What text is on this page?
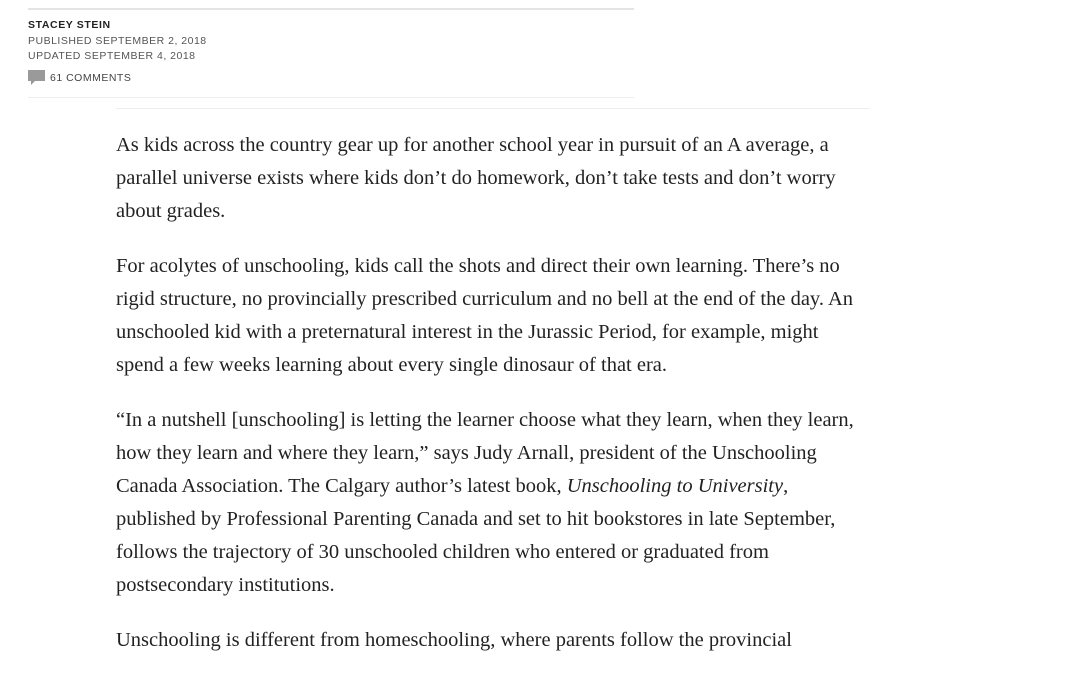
STACEY STEIN
PUBLISHED SEPTEMBER 2, 2018
UPDATED SEPTEMBER 4, 2018
61 COMMENTS

As kids across the country gear up for another school year in pursuit of an A average, a parallel universe exists where kids don’t do homework, don’t take tests and don’t worry about grades.

For acolytes of unschooling, kids call the shots and direct their own learning. There’s no rigid structure, no provincially prescribed curriculum and no bell at the end of the day. An unschooled kid with a preternatural interest in the Jurassic Period, for example, might spend a few weeks learning about every single dinosaur of that era.

“In a nutshell [unschooling] is letting the learner choose what they learn, when they learn, how they learn and where they learn,” says Judy Arnall, president of the Unschooling Canada Association. The Calgary author’s latest book, Unschooling to University, published by Professional Parenting Canada and set to hit bookstores in late September, follows the trajectory of 30 unschooled children who entered or graduated from postsecondary institutions.

Unschooling is different from homeschooling, where parents follow the provincial
